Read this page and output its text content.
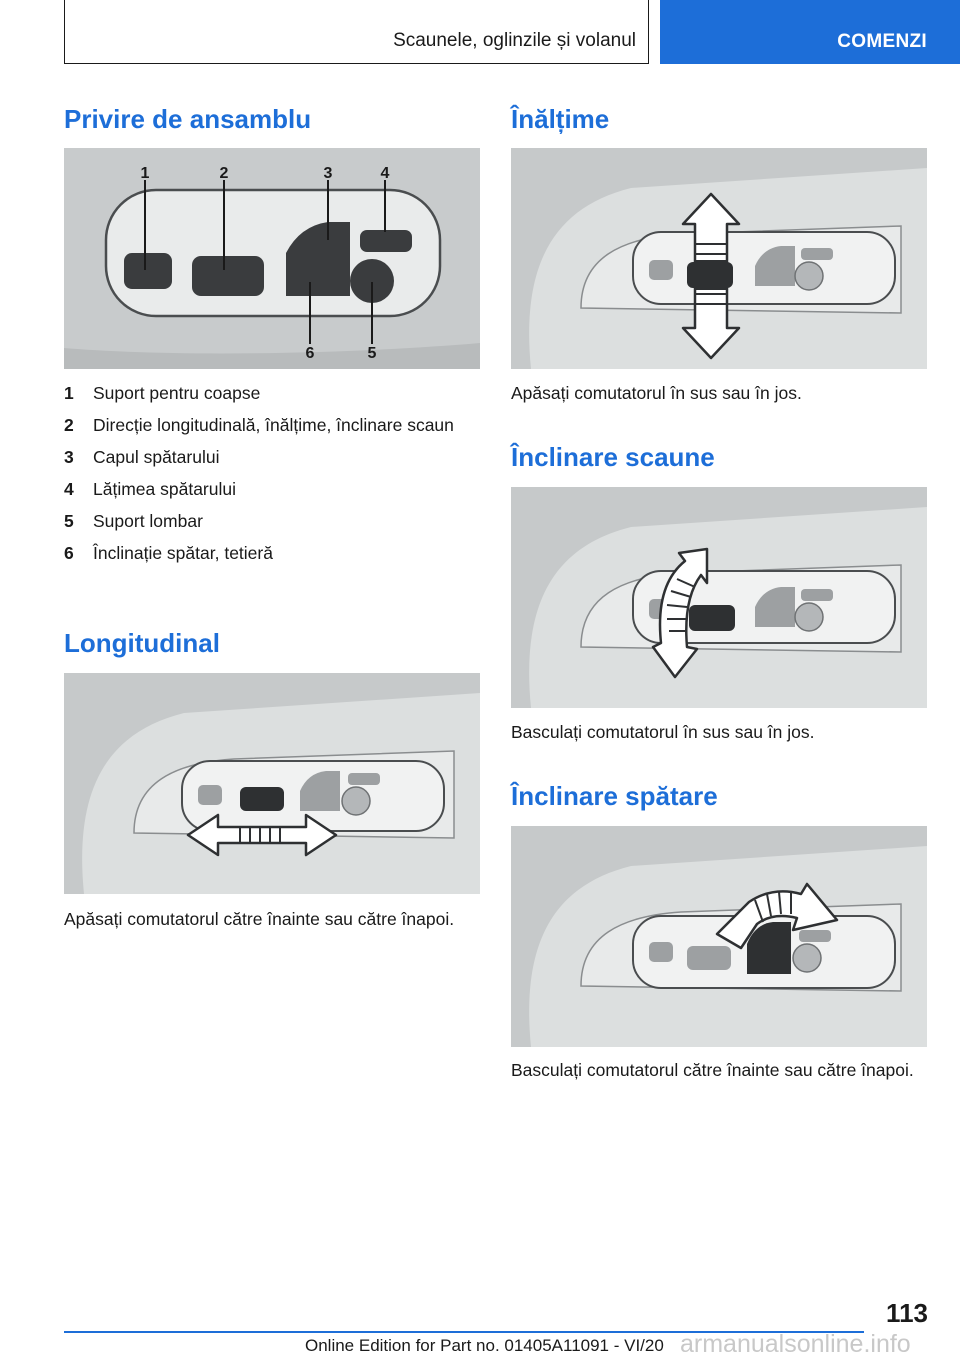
Scaunele, oglinzile și volanul	COMENZI
Privire de ansamblu
1	2	3	4
6	5
1	Suport pentru coapse
2	Direcție longitudinală, înălțime, înclinare scaun
3	Capul spătarului
4	Lățimea spătarului
5	Suport lombar
6	Înclinație spătar, tetieră
Longitudinal

Apăsați comutatorul către înainte sau către înapoi.

Înălțime

Apăsați comutatorul în sus sau în jos.

Înclinare scaune

Basculați comutatorul în sus sau în jos.

Înclinare spătare

Basculați comutatorul către înainte sau către înapoi.

113
Online Edition for Part no. 01405A11091 - VI/20 armanualsonline.info
